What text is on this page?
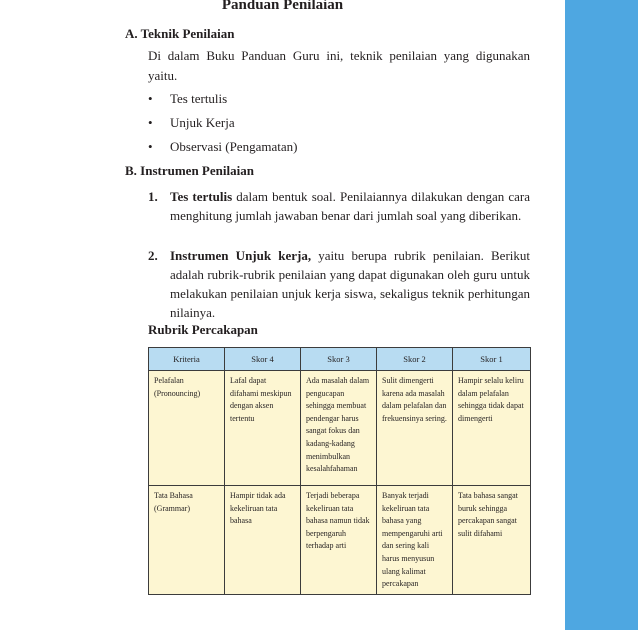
Panduan Penilaian
A. Teknik Penilaian
Di dalam Buku Panduan Guru ini, teknik penilaian yang digunakan yaitu.
• Tes tertulis
• Unjuk Kerja
• Observasi (Pengamatan)
B. Instrumen Penilaian
1. Tes tertulis dalam bentuk soal. Penilaiannya dilakukan dengan cara menghitung jumlah jawaban benar dari jumlah soal yang diberikan.
2. Instrumen Unjuk kerja, yaitu berupa rubrik penilaian. Berikut adalah rubrik-rubrik penilaian yang dapat digunakan oleh guru untuk melakukan penilaian unjuk kerja siswa, sekaligus teknik perhitungan nilainya.
Rubrik Percakapan
Kriteria	Skor 4	Skor 3	Skor 2	Skor 1
Pelafalan (Pronouncing)	Lafal dapat difahami meskipun dengan aksen tertentu	Ada masalah dalam pengucapan sehingga membuat pendengar harus sangat fokus dan kadang-kadang menimbulkan kesalahfahaman	Sulit dimengerti karena ada masalah dalam pelafalan dan frekuensinya sering.	Hampir selalu keliru dalam pelafalan sehingga tidak dapat dimengerti
Tata Bahasa (Grammar)	Hampir tidak ada kekeliruan tata bahasa	Terjadi beberapa kekeliruan tata bahasa namun tidak berpengaruh terhadap arti	Banyak terjadi kekeliruan tata bahasa yang mempengaruhi arti dan sering kali harus menyusun ulang kalimat percakapan	Tata bahasa sangat buruk sehingga percakapan sangat sulit difahami
